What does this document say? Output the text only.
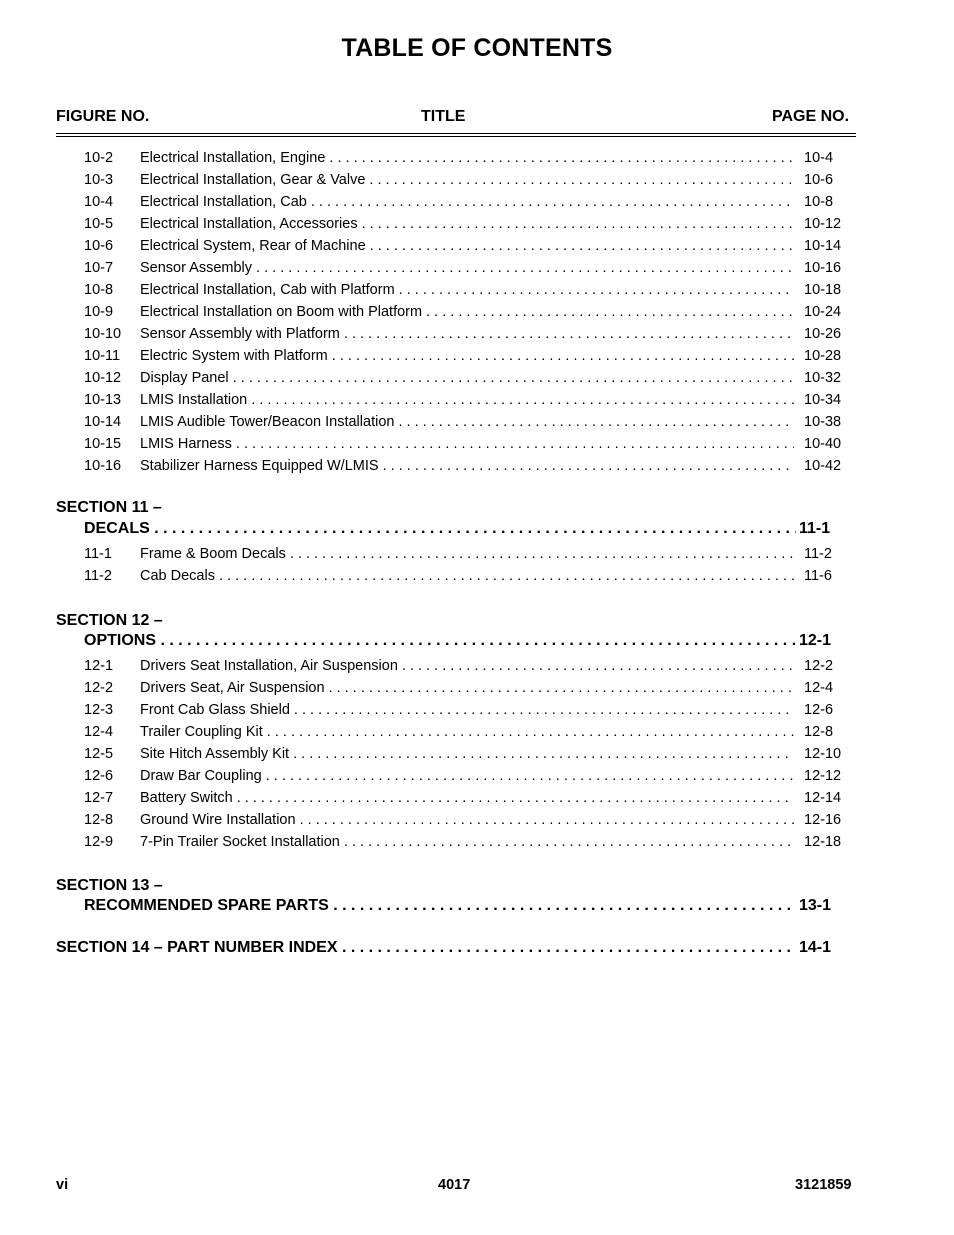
TABLE OF CONTENTS
FIGURE NO.	TITLE	PAGE NO.
10-2 Electrical Installation, Engine . . .	10-4
10-3 Electrical Installation, Gear & Valve . . .	10-6
10-4 Electrical Installation, Cab . . .	10-8
10-5 Electrical Installation, Accessories . . .	10-12
10-6 Electrical System, Rear of Machine . . .	10-14
10-7 Sensor Assembly . . .	10-16
10-8 Electrical Installation, Cab with Platform . . .	10-18
10-9 Electrical Installation on Boom with Platform . . .	10-24
10-10 Sensor Assembly with Platform . . .	10-26
10-11 Electric System with Platform . . .	10-28
10-12 Display Panel . . .	10-32
10-13 LMIS Installation . . .	10-34
10-14 LMIS Audible Tower/Beacon Installation . . .	10-38
10-15 LMIS Harness . . .	10-40
10-16 Stabilizer Harness Equipped W/LMIS . . .	10-42
SECTION 11 –
DECALS . . .	11-1
11-1 Frame & Boom Decals . . .	11-2
11-2 Cab Decals . . .	11-6
SECTION 12 –
OPTIONS . . .	12-1
12-1 Drivers Seat Installation, Air Suspension . . .	12-2
12-2 Drivers Seat, Air Suspension . . .	12-4
12-3 Front Cab Glass Shield . . .	12-6
12-4 Trailer Coupling Kit . . .	12-8
12-5 Site Hitch Assembly Kit . . .	12-10
12-6 Draw Bar Coupling . . .	12-12
12-7 Battery Switch . . .	12-14
12-8 Ground Wire Installation . . .	12-16
12-9 7-Pin Trailer Socket Installation . . .	12-18
SECTION 13 –
RECOMMENDED SPARE PARTS . . .	13-1
SECTION 14 – PART NUMBER INDEX . . .	14-1
vi	4017	3121859
